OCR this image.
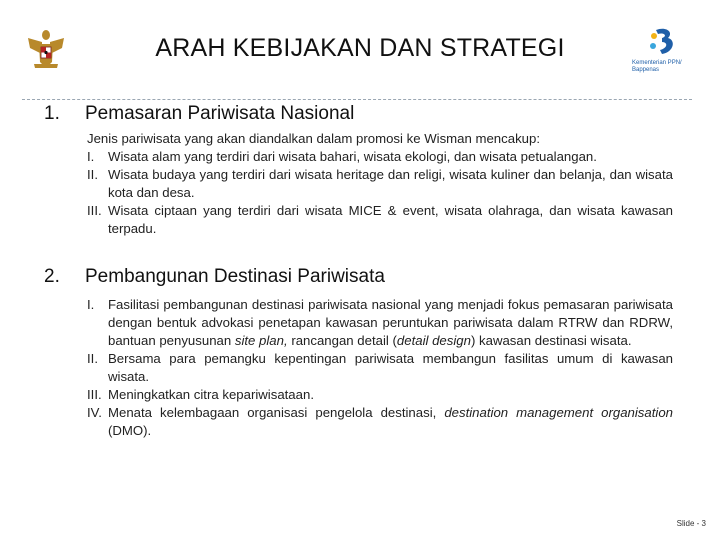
ARAH KEBIJAKAN DAN STRATEGI
Kementerian PPN/
Bappenas
1.	Pemasaran Pariwisata Nasional
Jenis pariwisata yang akan diandalkan dalam promosi ke Wisman mencakup:
I. Wisata alam yang terdiri dari wisata bahari, wisata ekologi, dan wisata petualangan.
II. Wisata budaya yang terdiri dari wisata heritage dan religi, wisata kuliner dan belanja, dan wisata kota dan desa.
III. Wisata ciptaan yang terdiri dari wisata MICE & event, wisata olahraga, dan wisata kawasan terpadu.
2.	Pembangunan Destinasi Pariwisata
I. Fasilitasi pembangunan destinasi pariwisata nasional yang menjadi fokus pemasaran pariwisata dengan bentuk advokasi penetapan kawasan peruntukan pariwisata dalam RTRW dan RDRW, bantuan penyusunan site plan, rancangan detail (detail design) kawasan destinasi wisata.
II. Bersama para pemangku kepentingan pariwisata membangun fasilitas umum di kawasan wisata.
III. Meningkatkan citra kepariwisataan.
IV. Menata kelembagaan organisasi pengelola destinasi, destination management organisation (DMO).
Slide - 3
